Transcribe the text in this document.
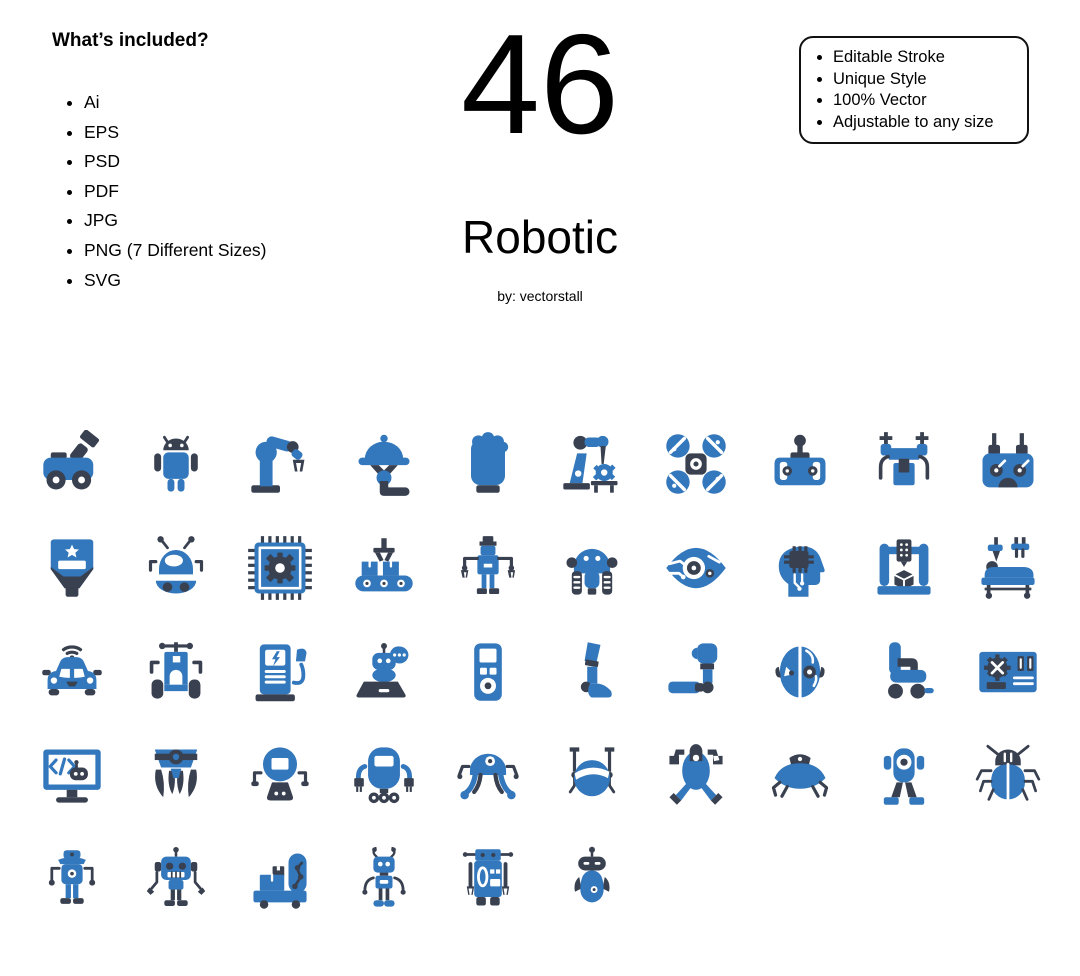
What’s included?
• Ai
• EPS
• PSD
• PDF
• JPG
• PNG (7 Different Sizes)
• SVG
46	• Editable Stroke
• Unique Style
• 100% Vector
• Adjustable to any size
Robotic
by: vectorstall
